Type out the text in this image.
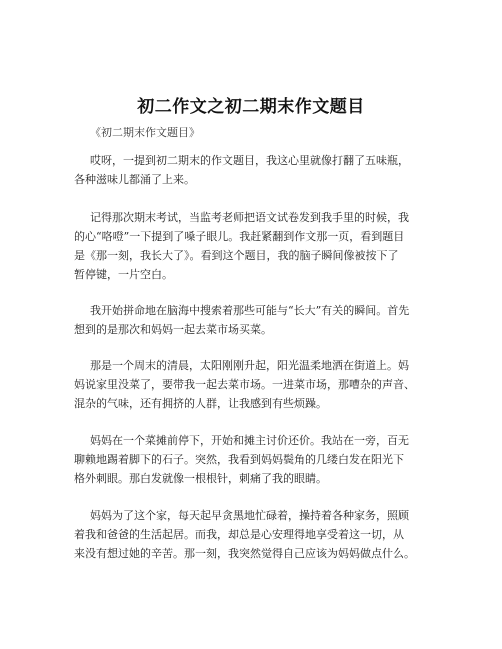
初二作文之初二期末作文题目
《初二期末作文题目》
哎呀，一提到初二期末的作文题目，我这心里就像打翻了五味瓶，
各种滋味儿都涌了上来。
记得那次期末考试，当监考老师把语文试卷发到我手里的时候，我
的心“咯噔”一下提到了嗓子眼儿。我赶紧翻到作文那一页，看到题目
是《那一刻，我长大了》。看到这个题目，我的脑子瞬间像被按下了
暂停键，一片空白。
我开始拼命地在脑海中搜索着那些可能与“长大”有关的瞬间。首先
想到的是那次和妈妈一起去菜市场买菜。
那是一个周末的清晨，太阳刚刚升起，阳光温柔地洒在街道上。妈
妈说家里没菜了，要带我一起去菜市场。一进菜市场，那嘈杂的声音、
混杂的气味，还有拥挤的人群，让我感到有些烦躁。
妈妈在一个菜摊前停下，开始和摊主讨价还价。我站在一旁，百无
聊赖地踢着脚下的石子。突然，我看到妈妈鬓角的几缕白发在阳光下
格外刺眼。那白发就像一根根针，刺痛了我的眼睛。
妈妈为了这个家，每天起早贪黑地忙碌着，操持着各种家务，照顾
着我和爸爸的生活起居。而我，却总是心安理得地享受着这一切，从
来没有想过她的辛苦。那一刻，我突然觉得自己应该为妈妈做点什么。
